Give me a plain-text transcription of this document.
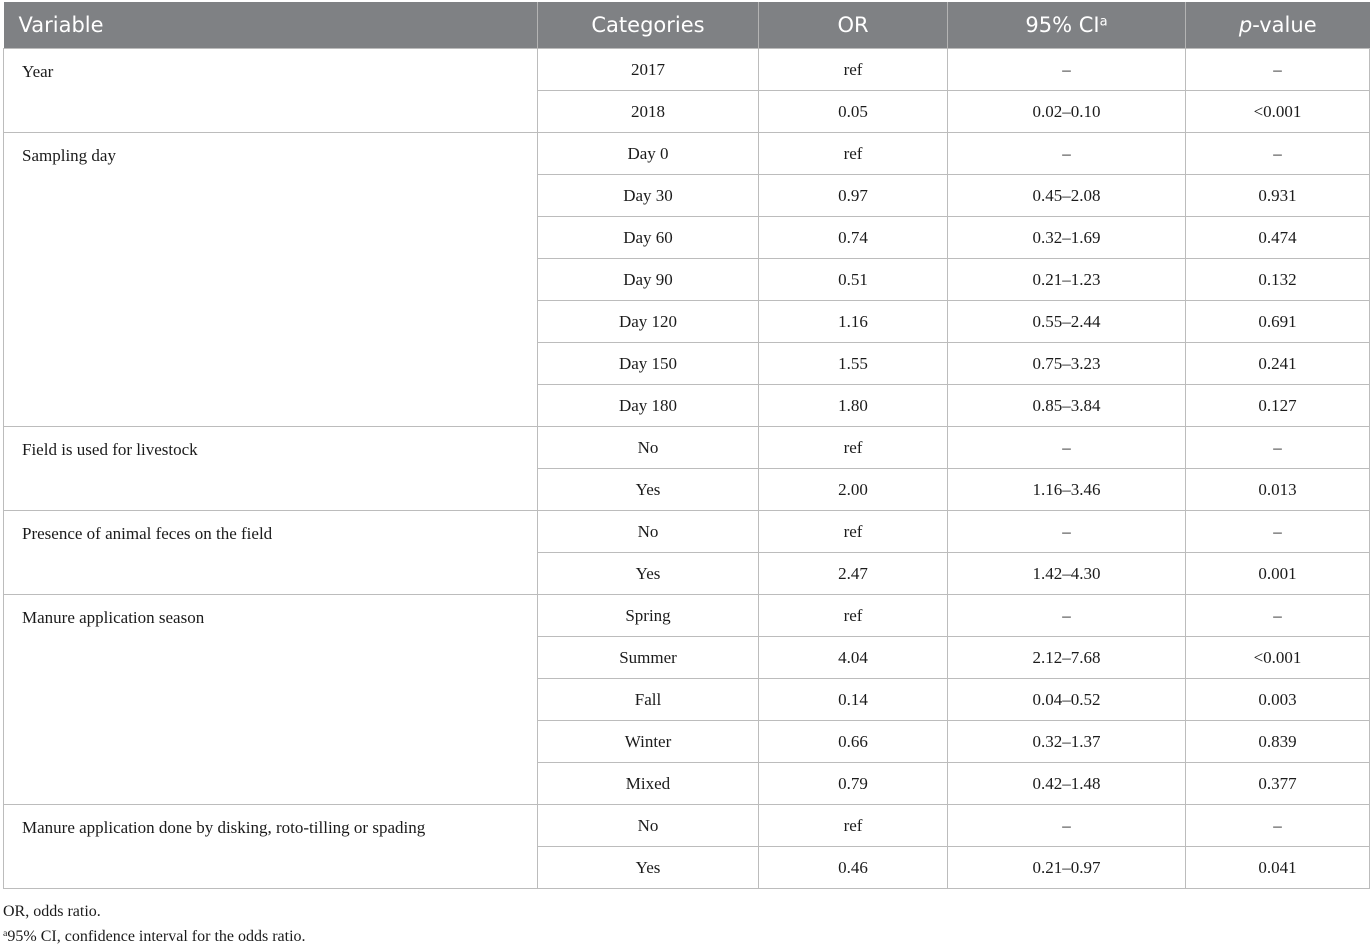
Variable	Categories	OR	95% $CI^a$	p-value
Year	2017	ref	–	–
	2018	0.05	0.02–0.10	<0.001
Sampling day	Day 0	ref	–	–
	Day 30	0.97	0.45–2.08	0.931
	Day 60	0.74	0.32–1.69	0.474
	Day 90	0.51	0.21–1.23	0.132
	Day 120	1.16	0.55–2.44	0.691
	Day 150	1.55	0.75–3.23	0.241
	Day 180	1.80	0.85–3.84	0.127
Field is used for livestock	No	ref	–	–
	Yes	2.00	1.16–3.46	0.013
Presence of animal feces on the field	No	ref	–	–
	Yes	2.47	1.42–4.30	0.001
Manure application season	Spring	ref	–	–
	Summer	4.04	2.12–7.68	<0.001
	Fall	0.14	0.04–0.52	0.003
	Winter	0.66	0.32–1.37	0.839
	Mixed	0.79	0.42–1.48	0.377
Manure application done by disking, roto-tilling or spading	No	ref	–	–
	Yes	0.46	0.21–0.97	0.041
OR, odds ratio.
$^a$95% CI, confidence interval for the odds ratio.
